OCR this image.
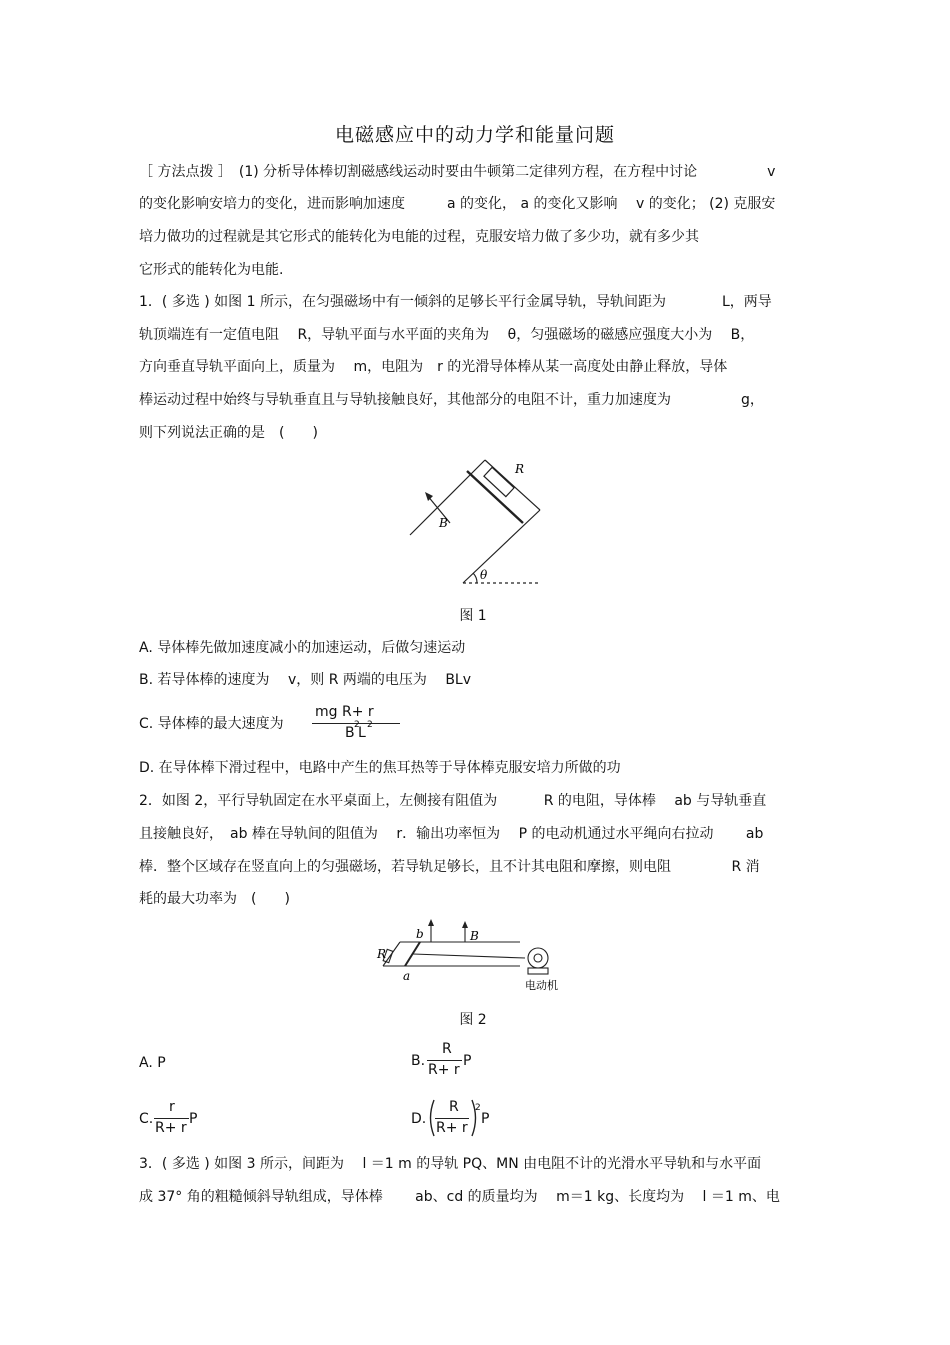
电磁感应中的动力学和能量问题
［ 方法点拨 ］　(1) 分析导体棒切割磁感线运动时要由牛顿第二定律列方程，在方程中讨论　　　　　v
的变化影响安培力的变化，进而影响加速度　　　a 的变化， a 的变化又影响　 v 的变化； (2) 克服安
培力做功的过程就是其它形式的能转化为电能的过程，克服安培力做了多少功，就有多少其
它形式的能转化为电能.
1．( 多选 ) 如图 1 所示，在匀强磁场中有一倾斜的足够长平行金属导轨，导轨间距为　　　　L，两导
轨顶端连有一定值电阻　 R，导轨平面与水平面的夹角为　 θ，匀强磁场的磁感应强度大小为　 B，
方向垂直导轨平面向上，质量为　 m，电阻为　r 的光滑导体棒从某一高度处由静止释放，导体
棒运动过程中始终与导轨垂直且与导轨接触良好，其他部分的电阻不计，重力加速度为　　　　　g，
则下列说法正确的是　(　　)
R
B
θ
图 1
A. 导体棒先做加速度减小的加速运动，后做匀速运动
B. 若导体棒的速度为　 v，则 R 两端的电压为　 BLv
C. 导体棒的最大速度为
mg R+ r
B 2
L 2
D. 在导体棒下滑过程中，电路中产生的焦耳热等于导体棒克服安培力所做的功
2．如图 2，平行导轨固定在水平桌面上，左侧接有阻值为　　　 R 的电阻，导体棒　 ab 与导轨垂直
且接触良好，　ab 棒在导轨间的阻值为　 r．输出功率恒为　 P 的电动机通过水平绳向右拉动　　 ab
棒．整个区域存在竖直向上的匀强磁场，若导轨足够长，且不计其电阻和摩擦，则电阻　　　　 R 消
耗的最大功率为　(　　)
R
a
b	B
电动机
图 2
A. P	B.
R
R+ r
P
C.
r
R+ r
P	D.
R
R+ r
2
P
3．( 多选 ) 如图 3 所示，间距为　 l ＝1 m 的导轨 PQ、MN 由电阻不计的光滑水平导轨和与水平面
成 37° 角的粗糙倾斜导轨组成，导体棒　　 ab、cd 的质量均为　 m＝1 kg、长度均为　 l ＝1 m、电
